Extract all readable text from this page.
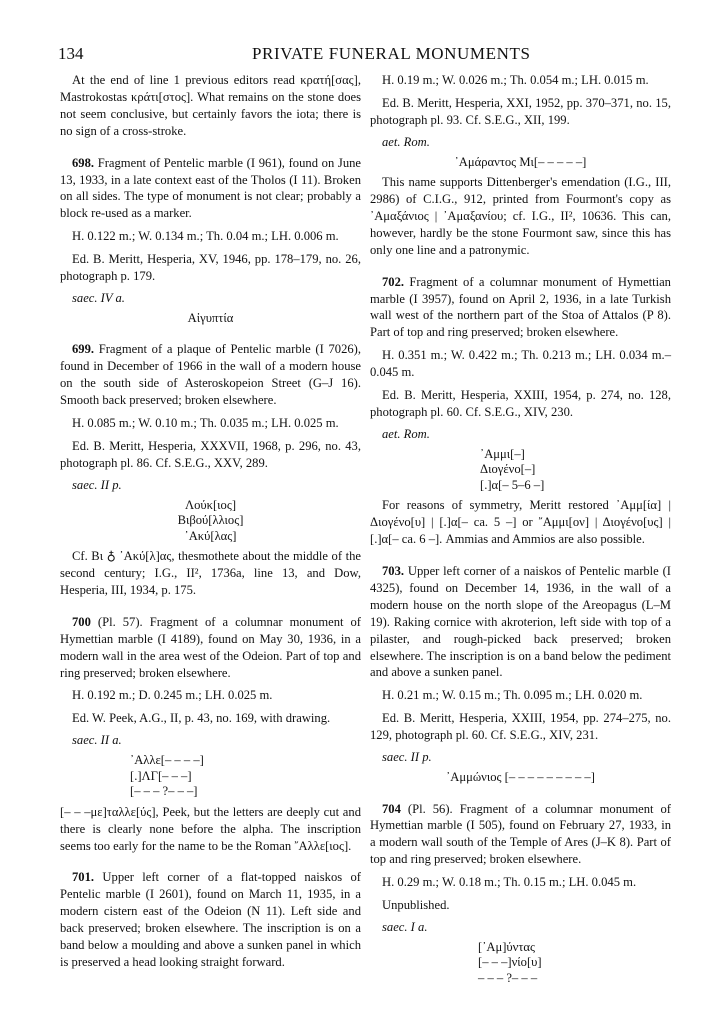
134	PRIVATE FUNERAL MONUMENTS

At the end of line 1 previous editors read κρατή[σας], Mastrokostas κράτι[στος]. What remains on the stone does not seem conclusive, but certainly favors the iota; there is no sign of a cross-stroke.

698. Fragment of Pentelic marble (I 961), found on June 13, 1933, in a late context east of the Tholos (I 11). Broken on all sides. The type of monument is not clear; probably a block re-used as a marker.

H. 0.122 m.; W. 0.134 m.; Th. 0.04 m.; LH. 0.006 m.

Ed. B. Meritt, Hesperia, XV, 1946, pp. 178–179, no. 26, photograph p. 179.

saec. IV a.

Αἰγυπτία

699. Fragment of a plaque of Pentelic marble (I 7026), found in December of 1966 in the wall of a modern house on the south side of Asteroskopeion Street (G–J 16). Smooth back preserved; broken elsewhere.

H. 0.085 m.; W. 0.10 m.; Th. 0.035 m.; LH. 0.025 m.

Ed. B. Meritt, Hesperia, XXXVII, 1968, p. 296, no. 43, photograph pl. 86. Cf. S.E.G., XXV, 289.

saec. II p.

Λούκ[ιος]
Βιβού[λλιος]
᾿Ακύ[λας]

Cf. Bι ♁ ᾿Ακύ[λ]ας, thesmothete about the middle of the second century; I.G., II², 1736a, line 13, and Dow, Hesperia, III, 1934, p. 175.

700 (Pl. 57). Fragment of a columnar monument of Hymettian marble (I 4189), found on May 30, 1936, in a modern wall in the area west of the Odeion. Part of top and ring preserved; broken elsewhere.

H. 0.192 m.; D. 0.245 m.; LH. 0.025 m.

Ed. W. Peek, A.G., II, p. 43, no. 169, with drawing.

saec. II a.

᾿Αλλε[– – – –]
[.]ΛΓ[– – –]
[– – – ?– – –]

[– – –με]ταλλε[ύς], Peek, but the letters are deeply cut and there is clearly none before the alpha. The inscription seems too early for the name to be the Roman ῎Αλλε[ιος].

701. Upper left corner of a flat-topped naiskos of Pentelic marble (I 2601), found on March 11, 1935, in a modern cistern east of the Odeion (N 11). Left side and back preserved; broken elsewhere. The inscription is on a band below a moulding and above a sunken panel in which is preserved a head looking straight forward.

H. 0.19 m.; W. 0.026 m.; Th. 0.054 m.; LH. 0.015 m.

Ed. B. Meritt, Hesperia, XXI, 1952, pp. 370–371, no. 15, photograph pl. 93. Cf. S.E.G., XII, 199.

aet. Rom.

᾿Αμάραντος Μι[– – – – –]

This name supports Dittenberger's emendation (I.G., III, 2986) of C.I.G., 912, printed from Fourmont's copy as ᾿Αμαξάνιος | ᾿Αμαξανίου; cf. I.G., II², 10636. This can, however, hardly be the stone Fourmont saw, since this has only one line and a patronymic.

702. Fragment of a columnar monument of Hymettian marble (I 3957), found on April 2, 1936, in a late Turkish wall west of the northern part of the Stoa of Attalos (P 8). Part of top and ring preserved; broken elsewhere.

H. 0.351 m.; W. 0.422 m.; Th. 0.213 m.; LH. 0.034 m.–0.045 m.

Ed. B. Meritt, Hesperia, XXIII, 1954, p. 274, no. 128, photograph pl. 60. Cf. S.E.G., XIV, 230.

aet. Rom.

᾿Αμμι[–]
Διογένο[–]
[.]α[– 5–6 –]

For reasons of symmetry, Meritt restored ᾿Αμμ[ία] | Διογένο[υ] | [.]α[– ca. 5 –] or ῎Αμμι[ον] | Διογένο[υς] | [.]α[– ca. 6 –]. Ammias and Ammios are also possible.

703. Upper left corner of a naiskos of Pentelic marble (I 4325), found on December 14, 1936, in the wall of a modern house on the north slope of the Areopagus (L–M 19). Raking cornice with akroterion, left side with top of a pilaster, and rough-picked back preserved; broken elsewhere. The inscription is on a band below the pediment and above a sunken panel.

H. 0.21 m.; W. 0.15 m.; Th. 0.095 m.; LH. 0.020 m.

Ed. B. Meritt, Hesperia, XXIII, 1954, pp. 274–275, no. 129, photograph pl. 60. Cf. S.E.G., XIV, 231.

saec. II p.

᾿Αμμώνιος [– – – – – – – – –]

704 (Pl. 56). Fragment of a columnar monument of Hymettian marble (I 505), found on February 27, 1933, in a modern wall south of the Temple of Ares (J–K 8). Part of top and ring preserved; broken elsewhere.

H. 0.29 m.; W. 0.18 m.; Th. 0.15 m.; LH. 0.045 m.

Unpublished.

saec. I a.

[᾿Αμ]ύντας
[– – –]νίο[υ]
– – – ?– – –
